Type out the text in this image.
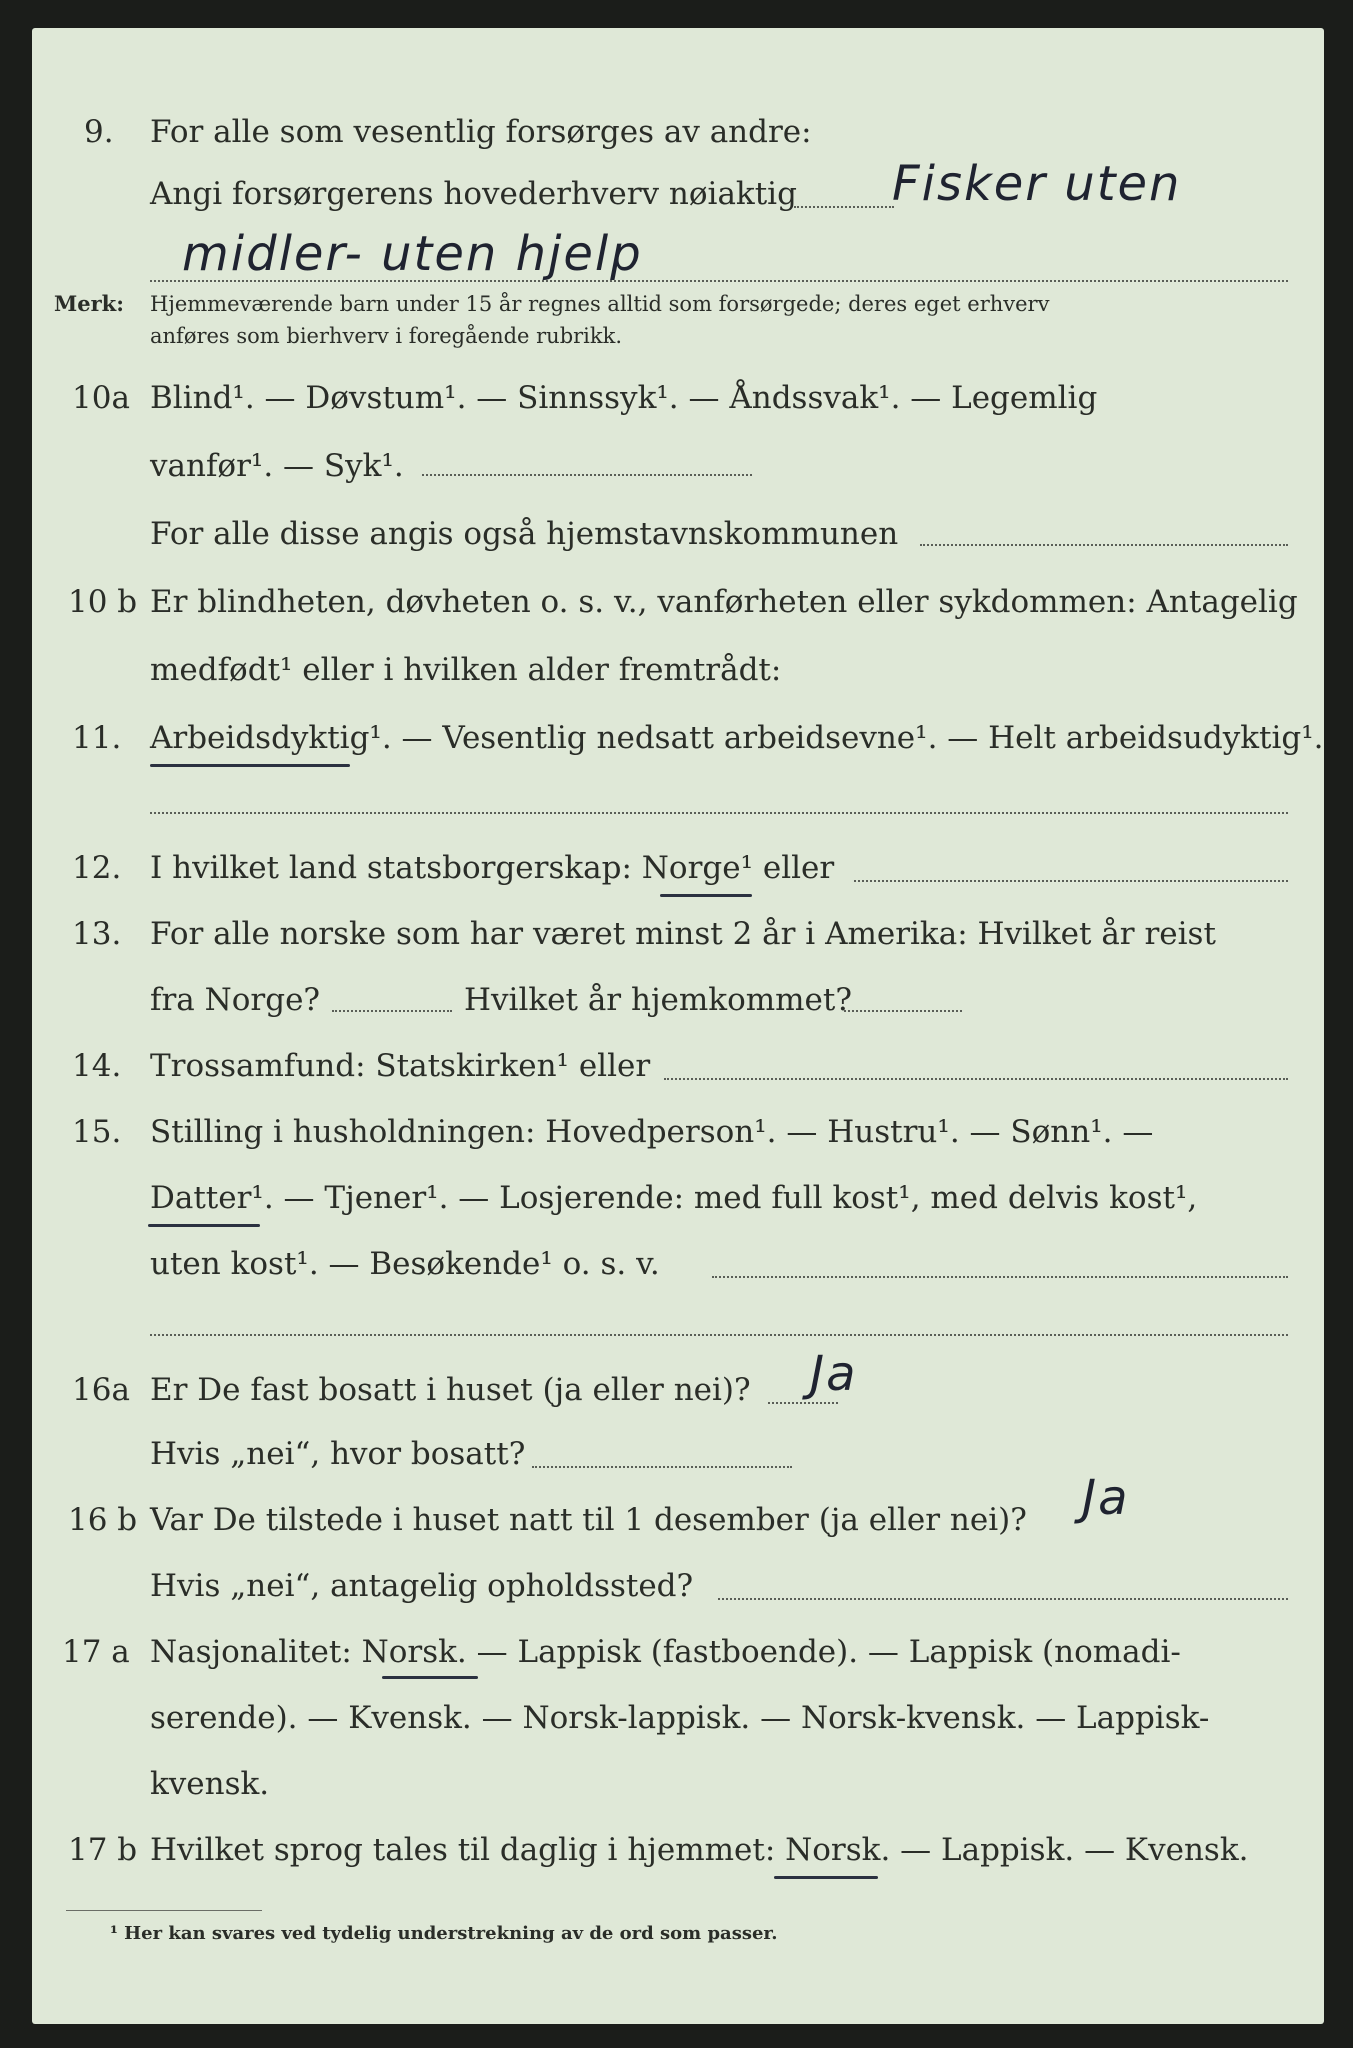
9. For alle som vesentlig forsørges av andre:
Angi forsørgerens hovederhverv nøiaktig Fisker uten
midler- uten hjelp
Merk: Hjemmeværende barn under 15 år regnes alltid som forsørgede; deres eget erhverv
anføres som bierhverv i foregående rubrikk.
10a Blind¹. — Døvstum¹. — Sinnssyk¹. — Åndssvak¹. — Legemlig
vanfør¹. — Syk¹.
For alle disse angis også hjemstavnskommunen
10 b Er blindheten, døvheten o. s. v., vanførheten eller sykdommen: Antagelig
medfødt¹ eller i hvilken alder fremtrådt:
11. Arbeidsdyktig¹. — Vesentlig nedsatt arbeidsevne¹. — Helt arbeidsudyktig¹.
12. I hvilket land statsborgerskap: Norge¹ eller
13. For alle norske som har været minst 2 år i Amerika: Hvilket år reist
fra Norge?	Hvilket år hjemkommet?
14. Trossamfund: Statskirken¹ eller
15. Stilling i husholdningen: Hovedperson¹. — Hustru¹. — Sønn¹. —
Datter¹. — Tjener¹. — Losjerende: med full kost¹, med delvis kost¹,
uten kost¹. — Besøkende¹ o. s. v.
16a Er De fast bosatt i huset (ja eller nei)? Ja
Hvis „nei“, hvor bosatt?
16 b Var De tilstede i huset natt til 1 desember (ja eller nei)? Ja
Hvis „nei“, antagelig opholdssted?
17 a Nasjonalitet: Norsk. — Lappisk (fastboende). — Lappisk (nomadi-
serende). — Kvensk. — Norsk-lappisk. — Norsk-kvensk. — Lappisk-
kvensk.
17 b Hvilket sprog tales til daglig i hjemmet: Norsk. — Lappisk. — Kvensk.
¹ Her kan svares ved tydelig understrekning av de ord som passer.
